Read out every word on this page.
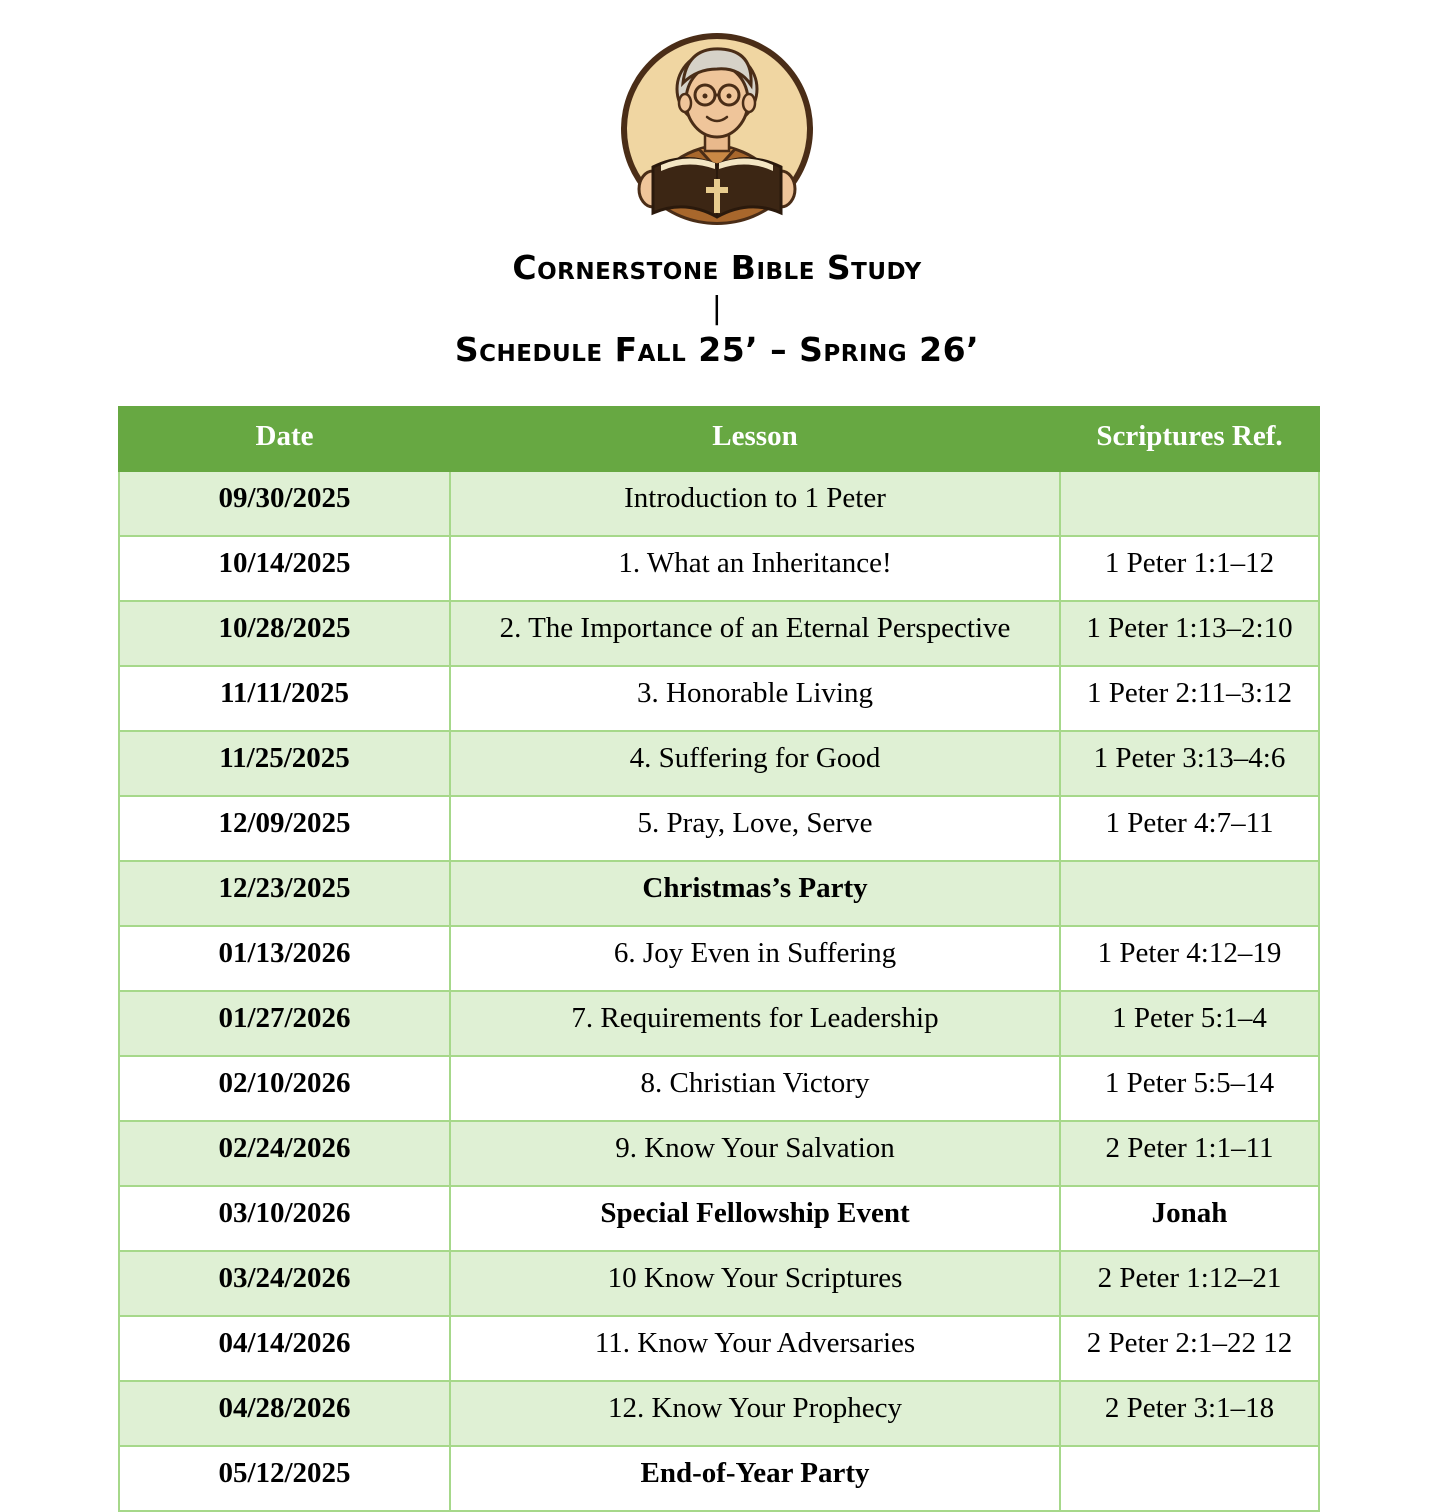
Cornerstone Bible Study
|
Schedule Fall 25’ – Spring 26’
Date	Lesson	Scriptures Ref.
09/30/2025	Introduction to 1 Peter	
10/14/2025	1. What an Inheritance!	1 Peter 1:1–12
10/28/2025	2. The Importance of an Eternal Perspective	1 Peter 1:13–2:10
11/11/2025	3. Honorable Living	1 Peter 2:11–3:12
11/25/2025	4. Suffering for Good	1 Peter 3:13–4:6
12/09/2025	5. Pray, Love, Serve	1 Peter 4:7–11
12/23/2025	Christmas’s Party	
01/13/2026	6. Joy Even in Suffering	1 Peter 4:12–19
01/27/2026	7. Requirements for Leadership	1 Peter 5:1–4
02/10/2026	8. Christian Victory	1 Peter 5:5–14
02/24/2026	9. Know Your Salvation	2 Peter 1:1–11
03/10/2026	Special Fellowship Event	Jonah
03/24/2026	10 Know Your Scriptures	2 Peter 1:12–21
04/14/2026	11. Know Your Adversaries	2 Peter 2:1–22 12
04/28/2026	12. Know Your Prophecy	2 Peter 3:1–18
05/12/2025	End-of-Year Party	
